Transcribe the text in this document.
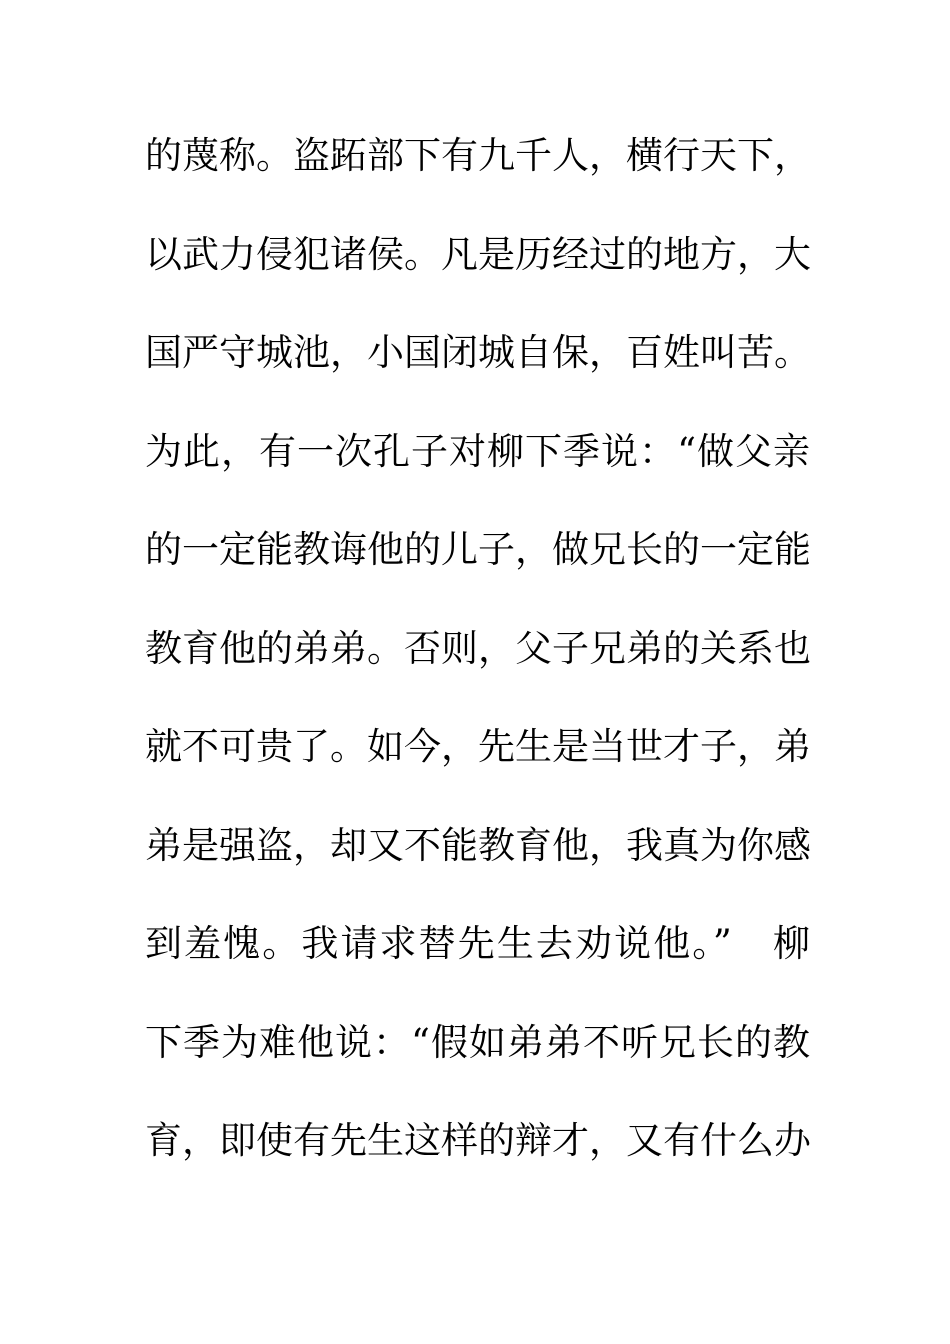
的蔑称。盗跖部下有九千人，横行天下，
以武力侵犯诸侯。凡是历经过的地方，大
国严守城池，小国闭城自保，百姓叫苦。
为此，有一次孔子对柳下季说：“做父亲
的一定能教诲他的儿子，做兄长的一定能
教育他的弟弟。否则，父子兄弟的关系也
就不可贵了。如今，先生是当世才子，弟
弟是强盗，却又不能教育他，我真为你感
到羞愧。我请求替先生去劝说他。”　柳
下季为难他说：“假如弟弟不听兄长的教
育，即使有先生这样的辩才，又有什么办
